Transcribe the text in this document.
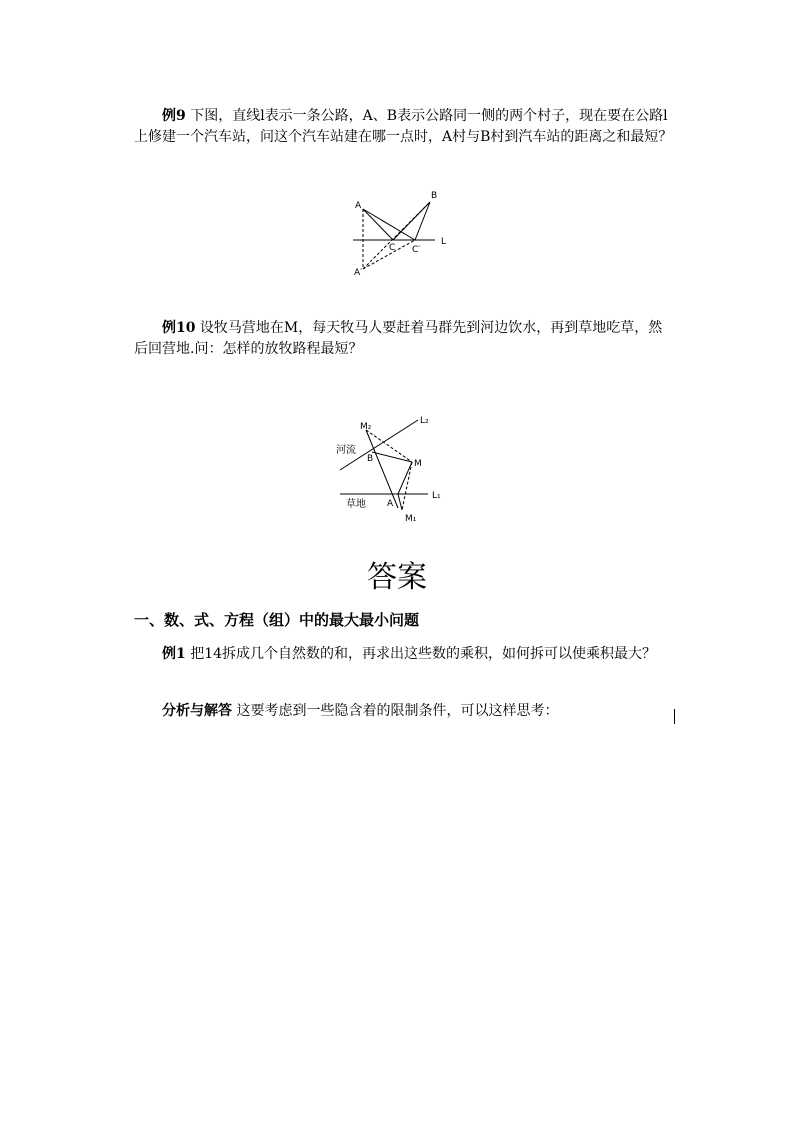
例9 下图，直线l表示一条公路，A、B表示公路同一侧的两个村子，现在要在公路l上修建一个汽车站，问这个汽车站建在哪一点时，A村与B村到汽车站的距离之和最短？

A
B
C C′
L
A′

例10 设牧马营地在M，每天牧马人要赶着马群先到河边饮水，再到草地吃草，然后回营地.问：怎样的放牧路程最短？

M₂
L₂
河流
B	M
草地 A
L₁
M₁
答案
一、数、式、方程（组）中的最大最小问题

例1 把14拆成几个自然数的和，再求出这些数的乘积，如何拆可以使乘积最大？

分析与解答 这要考虑到一些隐含着的限制条件，可以这样思考：
